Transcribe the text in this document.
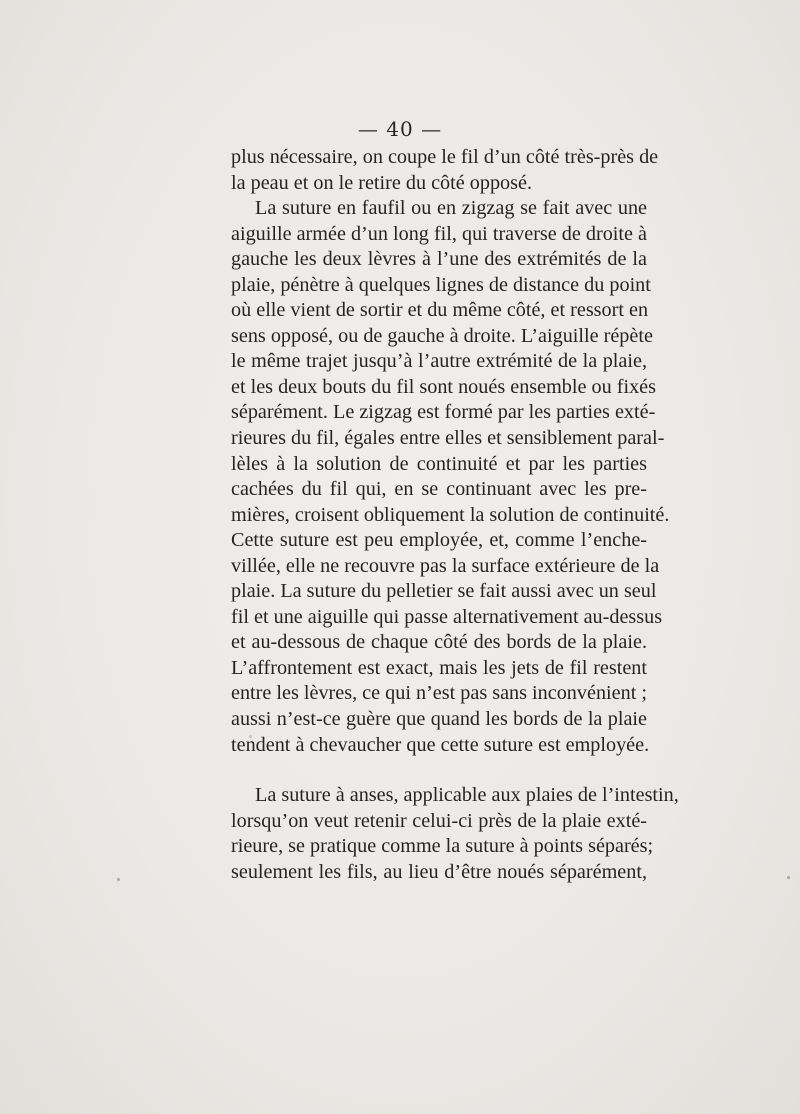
— 40 —
plus nécessaire, on coupe le fil d’un côté très-près de
la peau et on le retire du côté opposé.
La suture en faufil ou en zigzag se fait avec une
aiguille armée d’un long fil, qui traverse de droite à
gauche les deux lèvres à l’une des extrémités de la
plaie, pénètre à quelques lignes de distance du point
où elle vient de sortir et du même côté, et ressort en
sens opposé, ou de gauche à droite. L’aiguille répète
le même trajet jusqu’à l’autre extrémité de la plaie,
et les deux bouts du fil sont noués ensemble ou fixés
séparément. Le zigzag est formé par les parties exté-
rieures du fil, égales entre elles et sensiblement paral-
lèles à la solution de continuité et par les parties
cachées du fil qui, en se continuant avec les pre-
mières, croisent obliquement la solution de continuité.
Cette suture est peu employée, et, comme l’enche-
villée, elle ne recouvre pas la surface extérieure de la
plaie. La suture du pelletier se fait aussi avec un seul
fil et une aiguille qui passe alternativement au-dessus
et au-dessous de chaque côté des bords de la plaie.
L’affrontement est exact, mais les jets de fil restent
entre les lèvres, ce qui n’est pas sans inconvénient ;
aussi n’est-ce guère que quand les bords de la plaie
tendent à chevaucher que cette suture est employée.
La suture à anses, applicable aux plaies de l’intestin,
lorsqu’on veut retenir celui-ci près de la plaie exté-
rieure, se pratique comme la suture à points séparés;
seulement les fils, au lieu d’être noués séparément,
